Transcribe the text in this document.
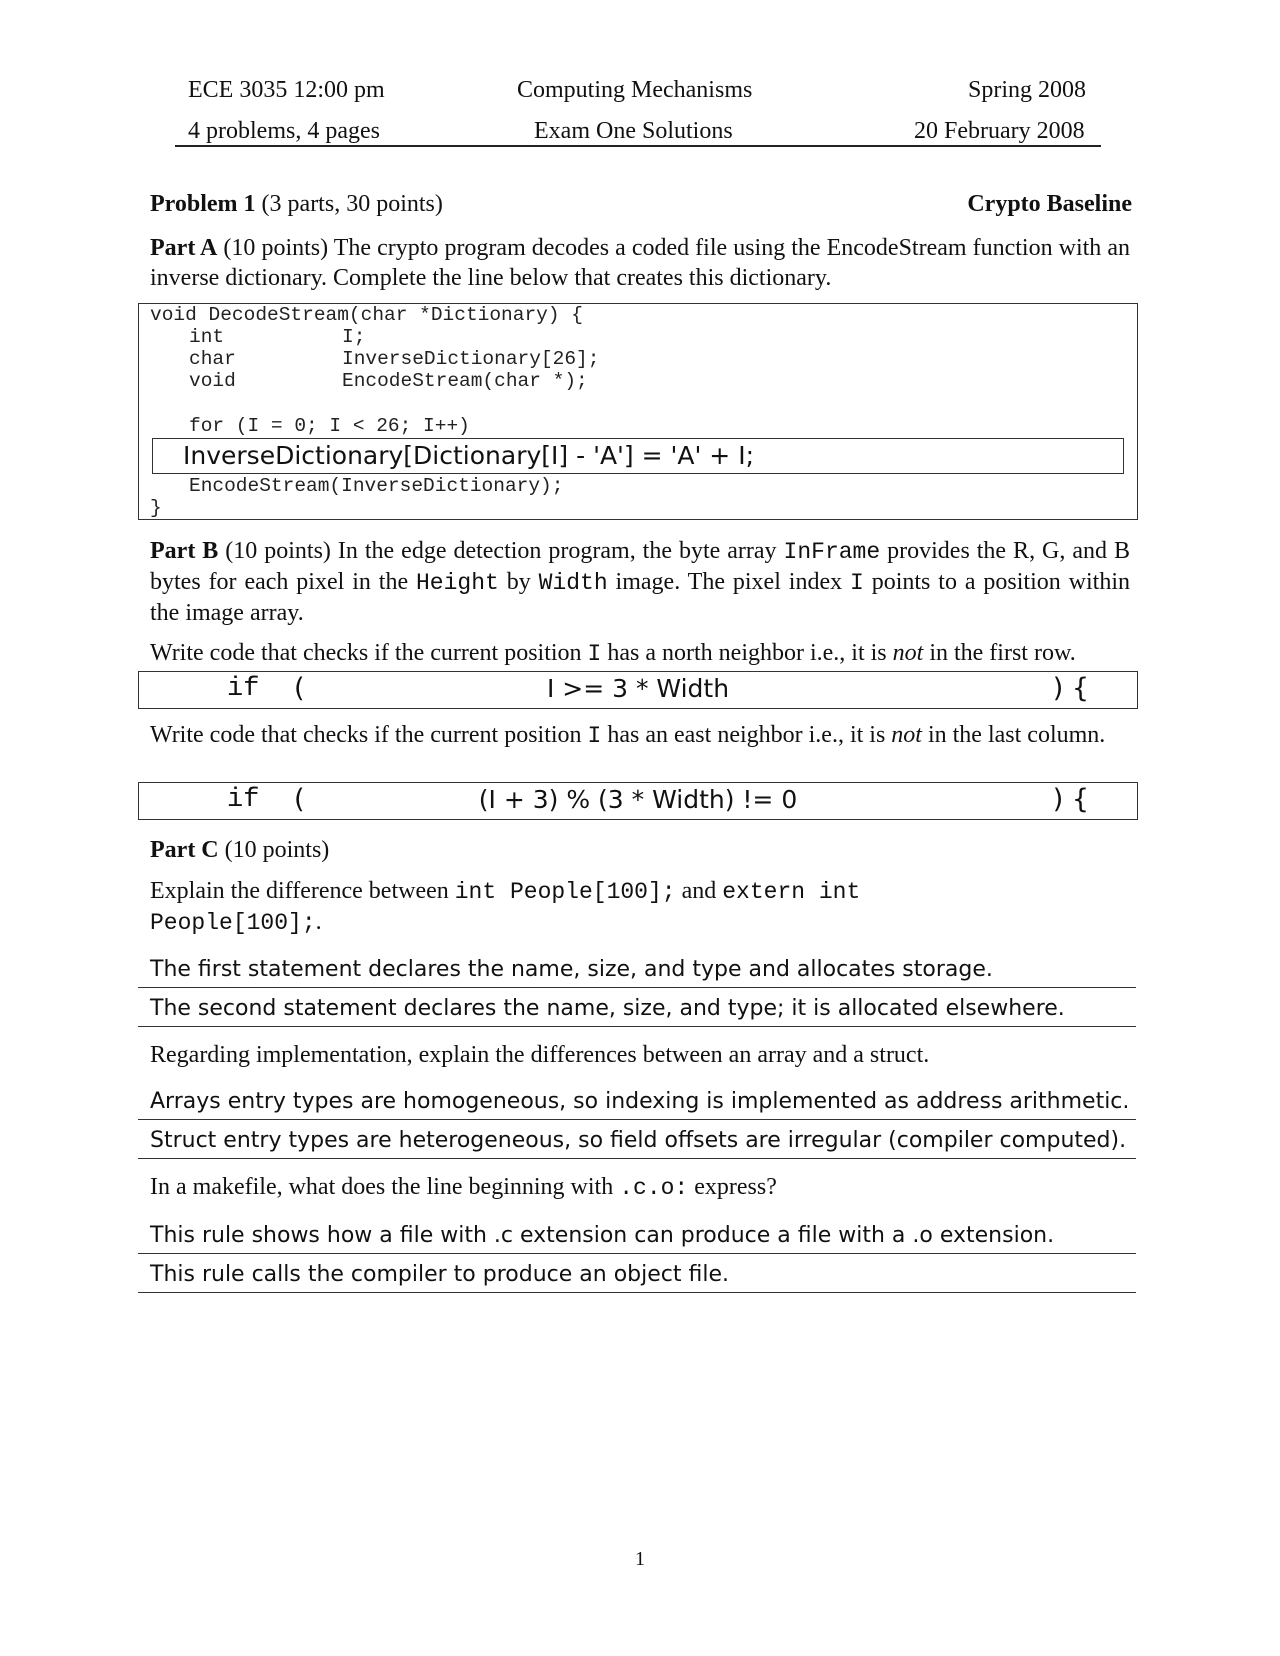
ECE 3035 12:00 pm	Computing Mechanisms	Spring 2008
4 problems, 4 pages	Exam One Solutions	20 February 2008
Problem 1 (3 parts, 30 points)	Crypto Baseline
Part A (10 points) The crypto program decodes a coded file using the EncodeStream function with an inverse dictionary. Complete the line below that creates this dictionary.
void DecodeStream(char *Dictionary) {
int	I;
char	InverseDictionary[26];
void	EncodeStream(char *);
for (I = 0; I < 26; I++)
InverseDictionary[Dictionary[I] - 'A'] = 'A' + I;
EncodeStream(InverseDictionary);
}
Part B (10 points) In the edge detection program, the byte array InFrame provides the R, G, and B bytes for each pixel in the Height by Width image. The pixel index I points to a position within the image array.
Write code that checks if the current position I has a north neighbor i.e., it is not in the first row.
if (	I >= 3 * Width	) {
Write code that checks if the current position I has an east neighbor i.e., it is not in the last column.
if (	(I + 3) % (3 * Width) != 0	) {
Part C (10 points)
Explain the difference between int People[100]; and extern int People[100];.
The first statement declares the name, size, and type and allocates storage.
The second statement declares the name, size, and type; it is allocated elsewhere.
Regarding implementation, explain the differences between an array and a struct.
Arrays entry types are homogeneous, so indexing is implemented as address arithmetic.
Struct entry types are heterogeneous, so field offsets are irregular (compiler computed).
In a makefile, what does the line beginning with .c.o: express?
This rule shows how a file with .c extension can produce a file with a .o extension.
This rule calls the compiler to produce an object file.
1
